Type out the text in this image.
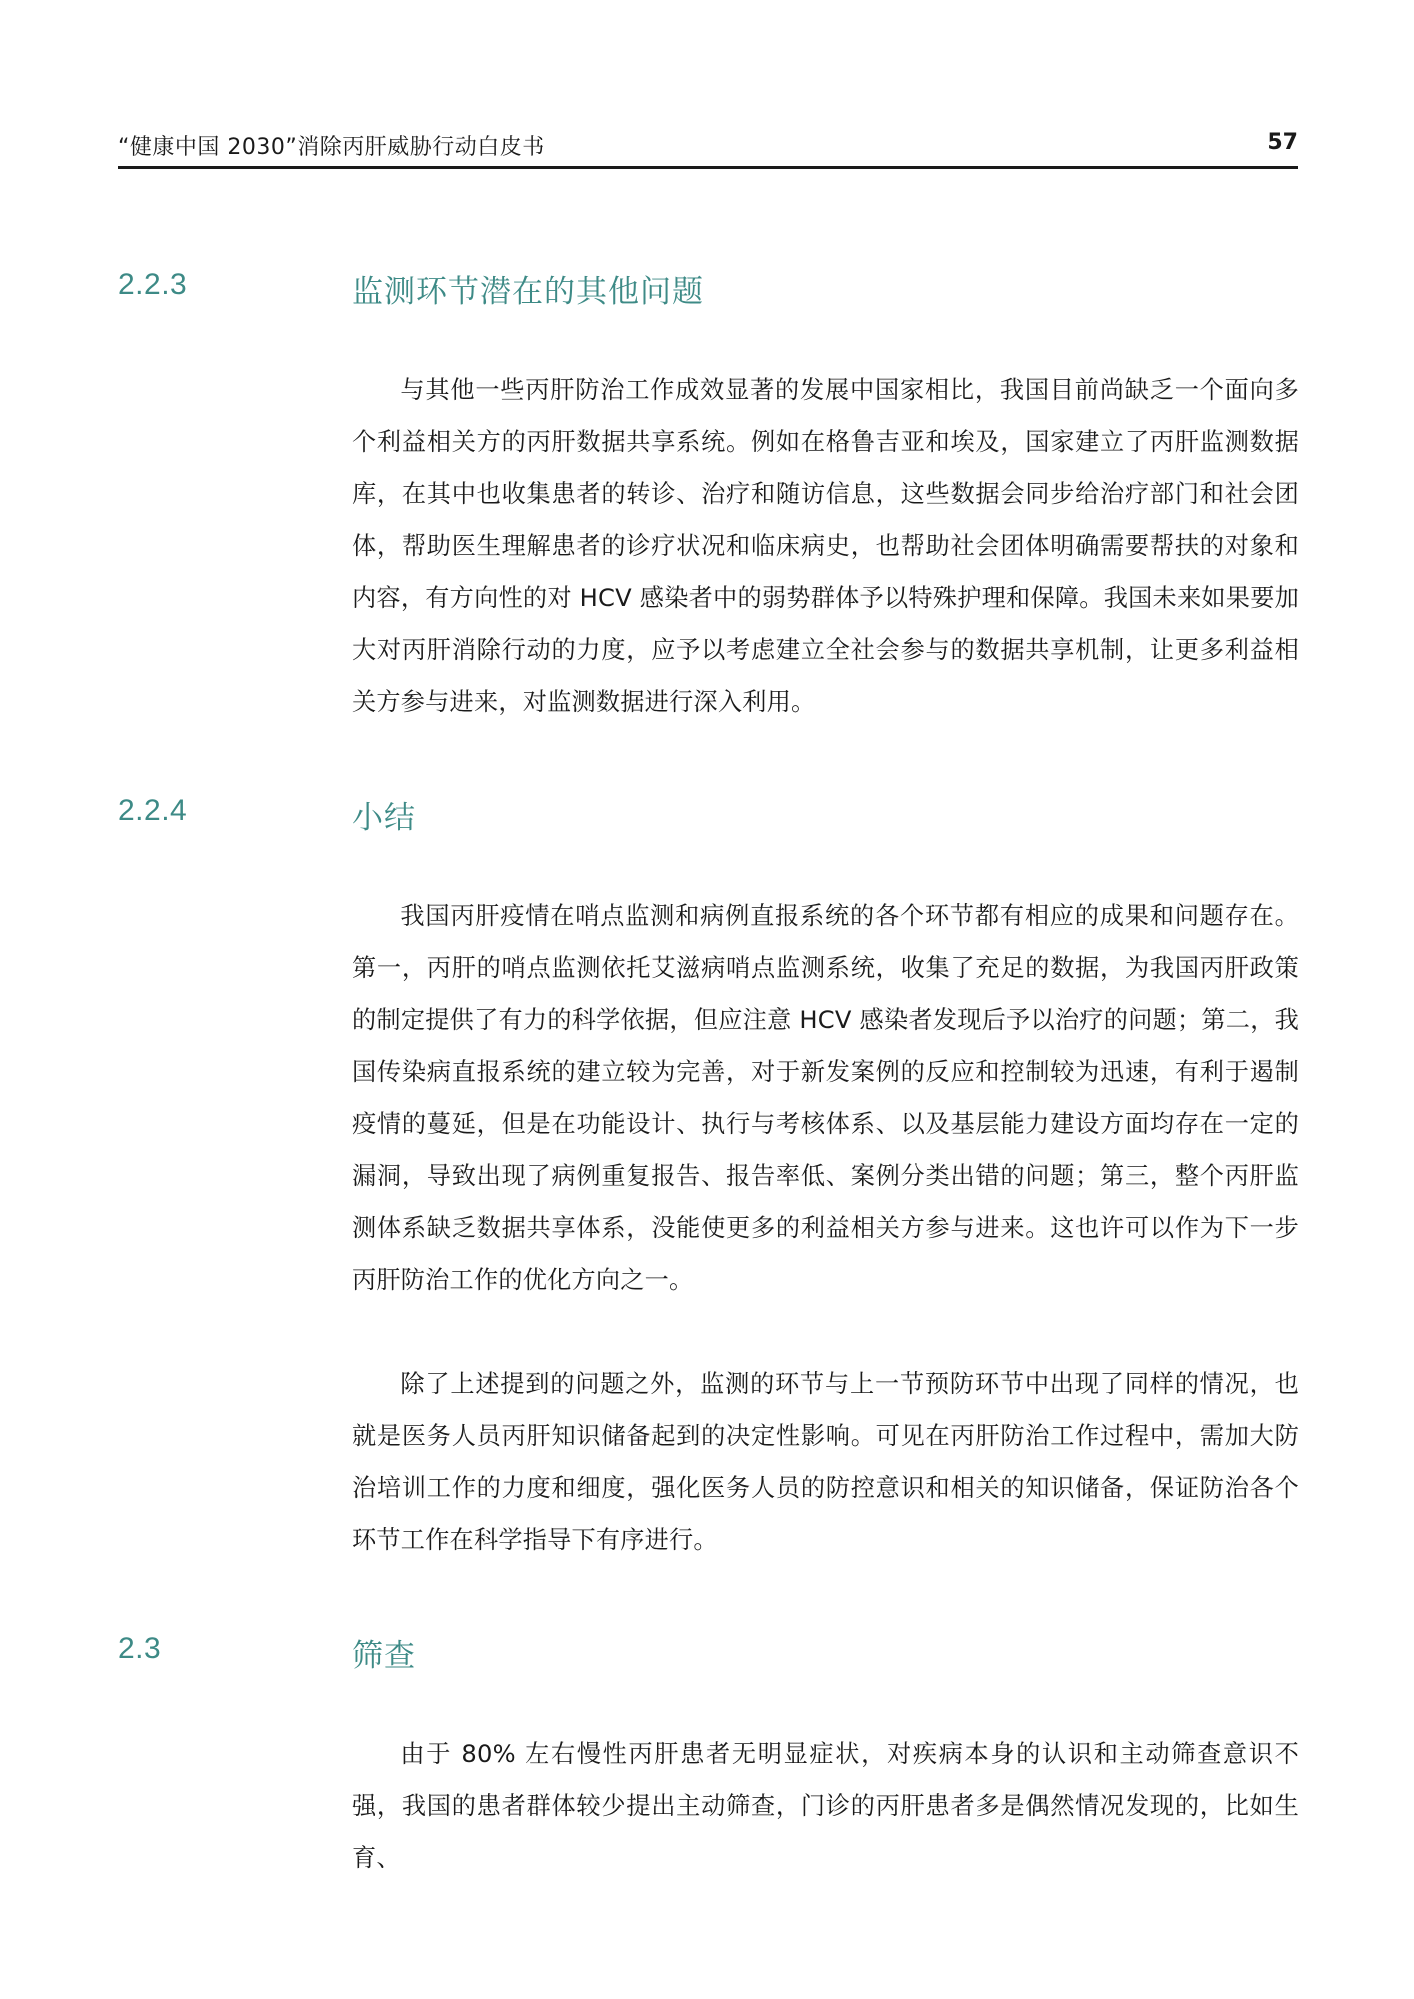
“健康中国 2030”消除丙肝威胁行动白皮书	57
2.2.3	监测环节潜在的其他问题

与其他一些丙肝防治工作成效显著的发展中国家相比，我国目前尚缺乏一个面向多个利益相关方的丙肝数据共享系统。例如在格鲁吉亚和埃及，国家建立了丙肝监测数据库，在其中也收集患者的转诊、治疗和随访信息，这些数据会同步给治疗部门和社会团体，帮助医生理解患者的诊疗状况和临床病史，也帮助社会团体明确需要帮扶的对象和内容，有方向性的对 HCV 感染者中的弱势群体予以特殊护理和保障。我国未来如果要加大对丙肝消除行动的力度，应予以考虑建立全社会参与的数据共享机制，让更多利益相关方参与进来，对监测数据进行深入利用。

2.2.4	小结

我国丙肝疫情在哨点监测和病例直报系统的各个环节都有相应的成果和问题存在。第一，丙肝的哨点监测依托艾滋病哨点监测系统，收集了充足的数据，为我国丙肝政策的制定提供了有力的科学依据，但应注意 HCV 感染者发现后予以治疗的问题；第二，我国传染病直报系统的建立较为完善，对于新发案例的反应和控制较为迅速，有利于遏制疫情的蔓延，但是在功能设计、执行与考核体系、以及基层能力建设方面均存在一定的漏洞，导致出现了病例重复报告、报告率低、案例分类出错的问题；第三，整个丙肝监测体系缺乏数据共享体系，没能使更多的利益相关方参与进来。这也许可以作为下一步丙肝防治工作的优化方向之一。

除了上述提到的问题之外，监测的环节与上一节预防环节中出现了同样的情况，也就是医务人员丙肝知识储备起到的决定性影响。可见在丙肝防治工作过程中，需加大防治培训工作的力度和细度，强化医务人员的防控意识和相关的知识储备，保证防治各个环节工作在科学指导下有序进行。

2.3	筛查

由于 80% 左右慢性丙肝患者无明显症状，对疾病本身的认识和主动筛查意识不强，我国的患者群体较少提出主动筛查，门诊的丙肝患者多是偶然情况发现的，比如生育、
